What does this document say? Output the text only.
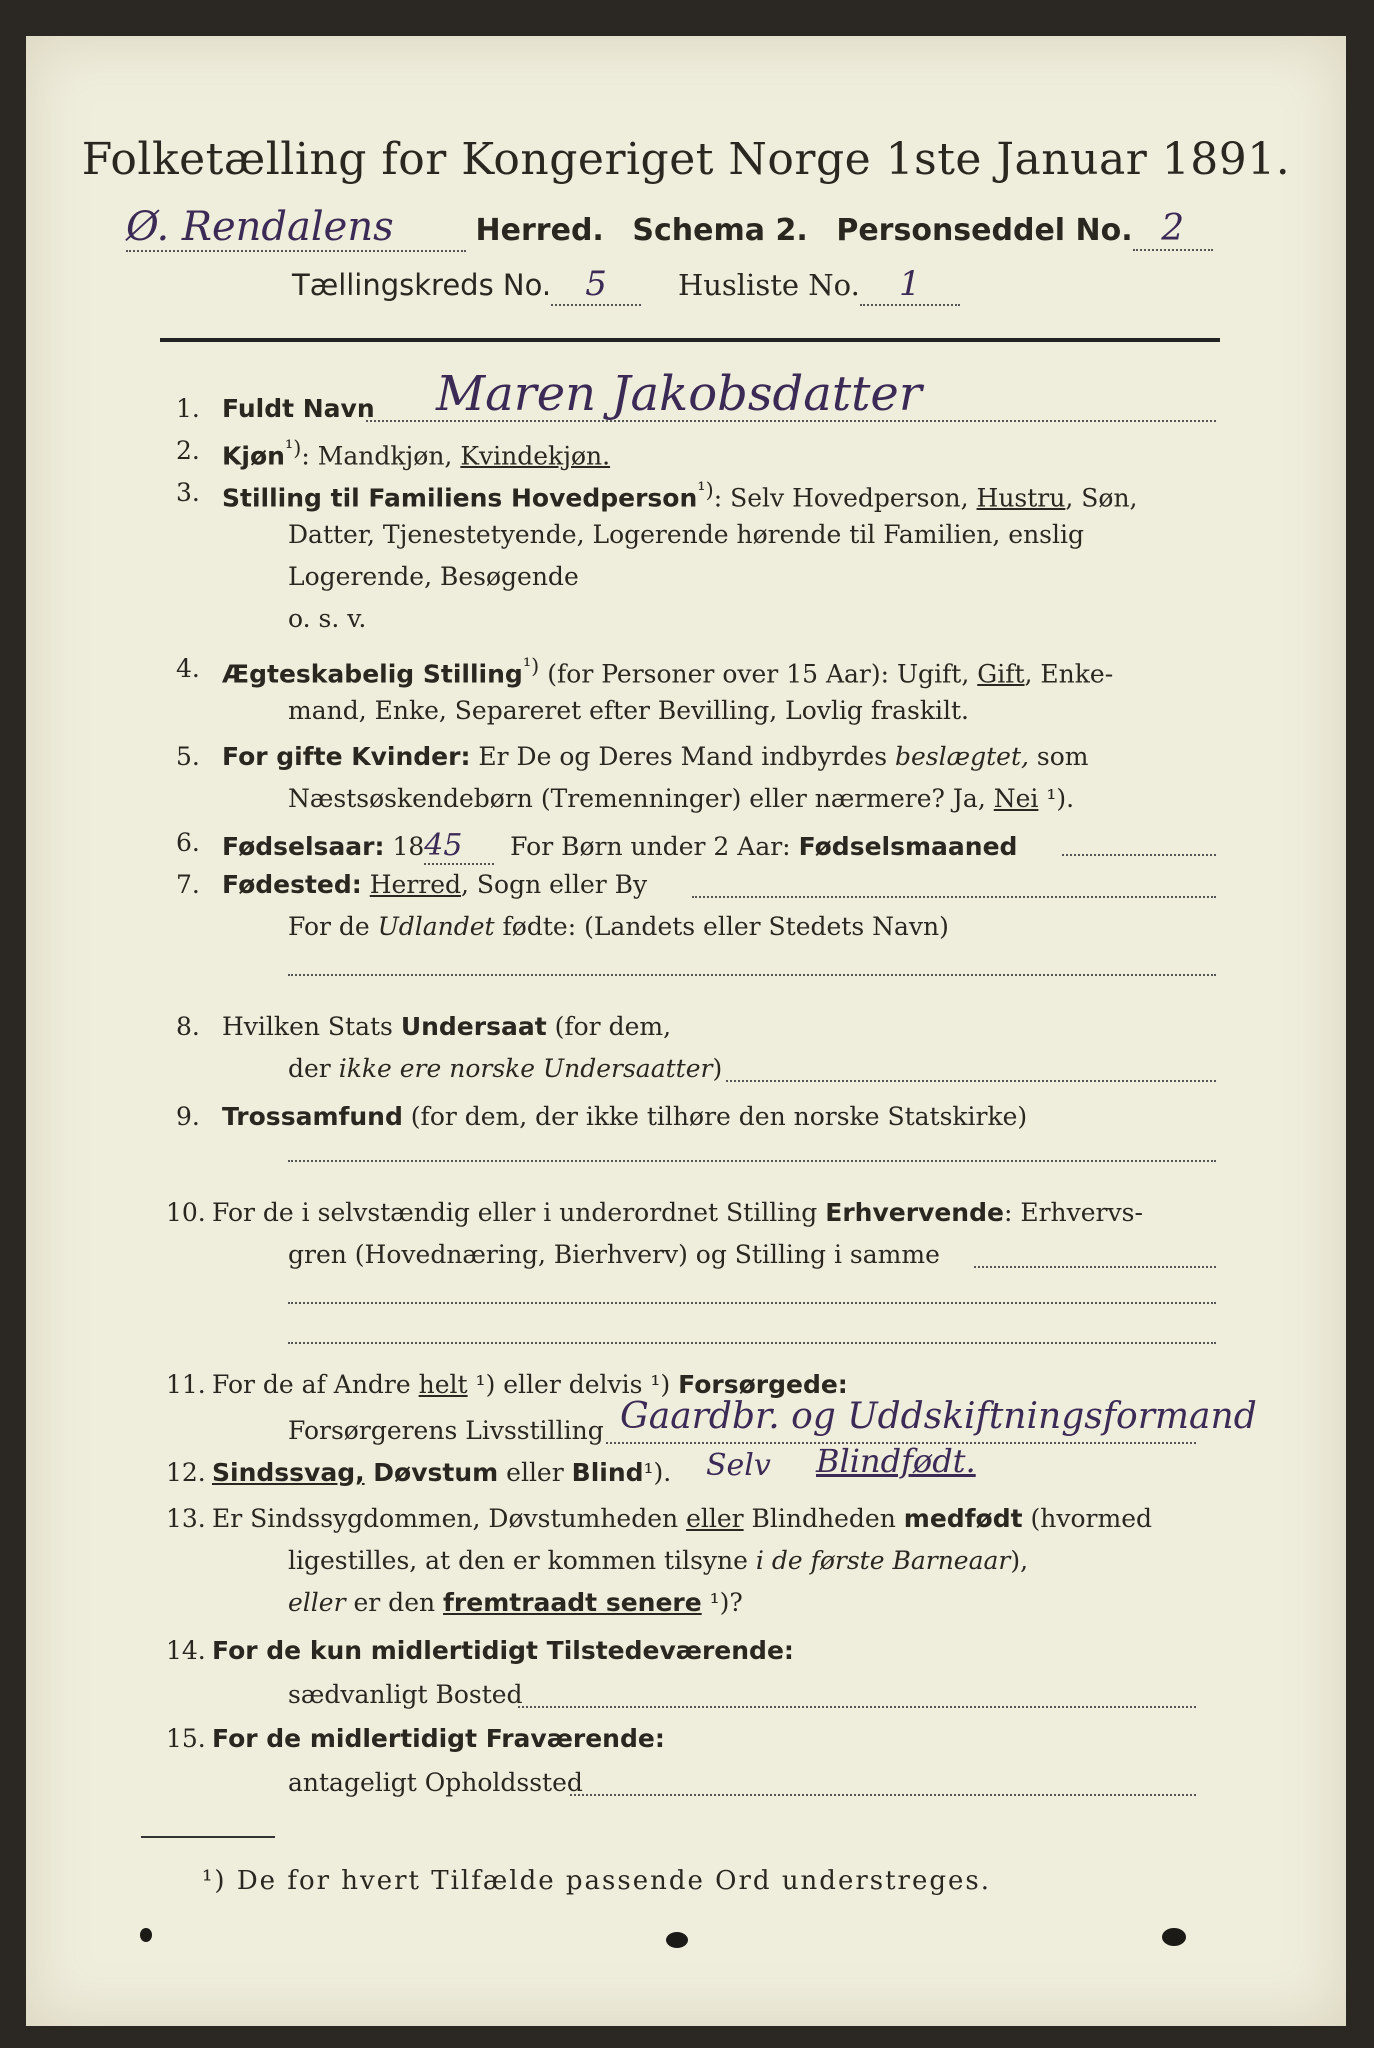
Folketælling for Kongeriget Norge 1ste Januar 1891.
Ø. Rendalens	Herred. Schema 2. Personseddel No. 2
Tællingskreds No. 5 Husliste No. 1
1. Fuldt Navn Maren Jakobsdatter
2. Kjøn$^{^1)}$: Mandkjøn, Kvindekjøn.
3. Stilling til Familiens Hovedperson$^{^1)}$: Selv Hovedperson, Hustru, Søn,
Datter, Tjenestetyende, Logerende hørende til Familien, enslig
Logerende, Besøgende
o. s. v.
4. Ægteskabelig Stilling$^{^1)}$ (for Personer over 15 Aar): Ugift, Gift, Enke-
mand, Enke, Separeret efter Bevilling, Lovlig fraskilt.
5. For gifte Kvinder: Er De og Deres Mand indbyrdes beslægtet, som
Næstsøskendebørn (Tremenninger) eller nærmere? Ja, Nei ¹).
6. Fødselsaar: 1845 For Børn under 2 Aar: Fødselsmaaned
7. Fødested: Herred, Sogn eller By
For de Udlandet fødte: (Landets eller Stedets Navn)
8. Hvilken Stats Undersaat (for dem,
der ikke ere norske Undersaatter)
9. Trossamfund (for dem, der ikke tilhøre den norske Statskirke)
10. For de i selvstændig eller i underordnet Stilling Erhvervende: Erhvervs-
gren (Hovednæring, Bierhverv) og Stilling i samme
11. For de af Andre helt ¹) eller delvis ¹) Forsørgede:
Forsørgerens Livsstilling Gaardbr. og Uddskiftningsformand
12. Sindssvag, Døvstum eller Blind¹). Selv Blindfødt.
13. Er Sindssygdommen, Døvstumheden eller Blindheden medfødt (hvormed
ligestilles, at den er kommen tilsyne i de første Barneaar),
eller er den fremtraadt senere ¹)?
14. For de kun midlertidigt Tilstedeværende:
sædvanligt Bosted
15. For de midlertidigt Fraværende:
antageligt Opholdssted
¹) De for hvert Tilfælde passende Ord understreges.
